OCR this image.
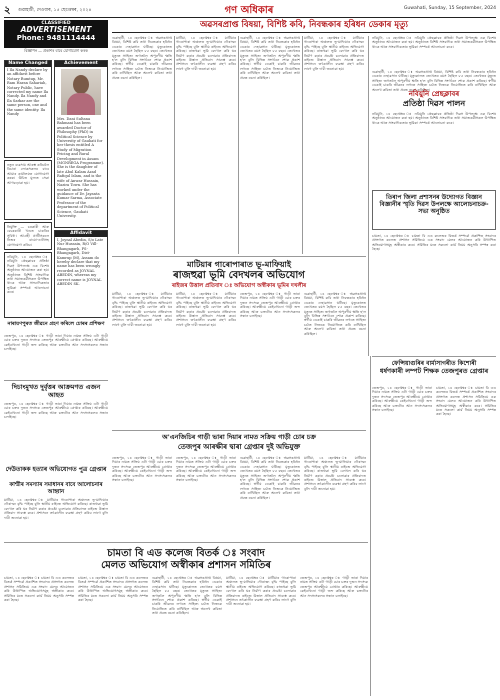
২ গুৱাহাটী, দেওবাৰ, ১৫ ছেপ্তেম্বৰ, ২০২৪	গণ অধিকাৰ	Guwahati, Sunday, 15 September, 2024
CLASSIFIED
ADVERTISEMENT
Phone: 9481114444
বিজ্ঞাপন — প্ৰকাশৰ বাবে যোগাযোগ কৰক
Name Changed
I Ila Nandy declare by an affidavit before Notary Rumtup, Mr. Ram Haran Sahariah, Notary Public, have corrected my name Ila Nandy. Ila Nandy and Ila Sarkar are the same person, one and the same identity. Ila Nandy
Achievement
Mrs. Dani Sultana Bahmani has been awarded Doctor of Philosophy (PhD) in Political Science by University of Gauhati for her thesis entitled A Study of Migration Pricing and Rural Development in Assam (MGNREGA Programme). She is the daughter of late Abul Kalam Azad Rafiqul Islam, and is the wife of Anwar Hussain, Nazira Town. She has worked under the guidance of Dr. Jayanta Kumar Sarma, Associate Professor of the department of Political Science, Gauhati University.
নতুন ব্যৱসায় আৰম্ভ কৰিবলৈ বিচাৰা লোকসকলৰ বাবে আমাৰ কাৰ্যালয়ত যোগাযোগ কৰক। উচিত মূল্যত সেৱা আগবঢ়োৱা হয়।
নিযুক্তি — চৰকাৰী আৰু বেচৰকাৰী খণ্ডত চাকৰিৰ সুবিধা। আগ্ৰহী প্ৰাৰ্থীসকলে নিজৰ বায়ো-ডাটাসহ যোগাযোগ কৰিব।
Affidavit
I, Joynal Abedin, S/o Late Nur Hussain, R/O Vill- Bhangagarh, PS- Bhangagarh, Dist- Kamrup (M), Assam do hereby declare that my name has been wrongly recorded as JOYNAL ABEDIN, whereas my correct name is JOYNAL ABEDIN SK.
নবিয়ুনি, ১৪ ছেপ্তেম্বৰ ঃ নবিয়ুনি প্ৰেছক্লাবৰ প্ৰতিষ্ঠা দিৱস উপলক্ষে এক বিশেষ অনুষ্ঠানৰ আয়োজন কৰা হয়। অনুষ্ঠানত বিশিষ্ট সাংবাদিক তথা সমাজকৰ্মীসকল উপস্থিত থাকে আৰু সাংবাদিকতাৰ ভূমিকা সম্পৰ্কে আলোচনা কৰে।
নাৰায়ণপুৰত জীৱনে গ্ৰহণ কৰিলে চোৰৰ প্ৰশিক্ষণ
তেজপুৰ, ১৪ ছেপ্তেম্বৰ ঃ গাড়ী ভাৰা দিয়াৰ নামত সক্ৰিয় এটা গাড়ী চোৰ চক্ৰৰ দুজন সদস্যক তেজপুৰ আৰক্ষীয়ে গ্ৰেপ্তাৰ কৰিছে। আৰক্ষীয়ে কেইবাখনো গাড়ী জব্দ কৰিছে আৰু চক্ৰটোৰ আন সদস্যসকলৰ সন্ধান চলাইছে।
অৱসৰপ্ৰাপ্ত বিষয়া, বিশিষ্ট কবি, নিবন্ধকাৰ হৰিধন ডেকাৰ মৃত্যু
গুৱাহাটী, ১৪ ছেপ্তেম্বৰ ঃ অৱসৰপ্ৰাপ্ত বিষয়া, বিশিষ্ট কবি তথা নিবন্ধকাৰ হৰিধন ডেকাৰ দেহাৱসান ঘটিছে। মৃত্যুকালত তেখেতৰ বয়স হৈছিল ৮৫ বছৰ। তেখেতৰ মৃত্যুত সাহিত্য জগতলৈ অপূৰণীয় ক্ষতি হ'ল বুলি বিভিন্ন সংগঠনে শোক প্ৰকাশ কৰিছে। স্বৰ্গীয় ডেকাই চাকৰি জীৱনৰ লগতে সাহিত্য চৰ্চাত নিজকে নিয়োজিত কৰি ৰাখিছিল আৰু অলেখ কবিতা তথা প্ৰবন্ধ ৰচনা কৰিছিল।
মাটিয়া, ১৪ ছেপ্তেম্বৰ ঃ মাটিয়াৰ গাৰোপাৰা অঞ্চলত ভূ-মাফিয়াৰ দৌৰাত্ম্য বৃদ্ধি পাইছে বুলি স্থানীয় ৰাইজে অভিযোগ কৰিছে। ৰাজহুৱা ভূমি বেদখল কৰি ঘৰ নিৰ্মাণ কৰাৰ প্ৰচেষ্টা চলোৱাৰ প্ৰতিবাদত ৰাইজে উত্তাল প্ৰতিবাদ সাব্যস্ত কৰে। প্ৰশাসনে তৎকালীন ব্যৱস্থা গ্ৰহণ কৰিব লাগে বুলি দাবী জনোৱা হয়।
গুৱাহাটী, ১৪ ছেপ্তেম্বৰ ঃ অৱসৰপ্ৰাপ্ত বিষয়া, বিশিষ্ট কবি তথা নিবন্ধকাৰ হৰিধন ডেকাৰ দেহাৱসান ঘটিছে। মৃত্যুকালত তেখেতৰ বয়স হৈছিল ৮৫ বছৰ। তেখেতৰ মৃত্যুত সাহিত্য জগতলৈ অপূৰণীয় ক্ষতি হ'ল বুলি বিভিন্ন সংগঠনে শোক প্ৰকাশ কৰিছে। স্বৰ্গীয় ডেকাই চাকৰি জীৱনৰ লগতে সাহিত্য চৰ্চাত নিজকে নিয়োজিত কৰি ৰাখিছিল আৰু অলেখ কবিতা তথা প্ৰবন্ধ ৰচনা কৰিছিল।
মাটিয়া, ১৪ ছেপ্তেম্বৰ ঃ মাটিয়াৰ গাৰোপাৰা অঞ্চলত ভূ-মাফিয়াৰ দৌৰাত্ম্য বৃদ্ধি পাইছে বুলি স্থানীয় ৰাইজে অভিযোগ কৰিছে। ৰাজহুৱা ভূমি বেদখল কৰি ঘৰ নিৰ্মাণ কৰাৰ প্ৰচেষ্টা চলোৱাৰ প্ৰতিবাদত ৰাইজে উত্তাল প্ৰতিবাদ সাব্যস্ত কৰে। প্ৰশাসনে তৎকালীন ব্যৱস্থা গ্ৰহণ কৰিব লাগে বুলি দাবী জনোৱা হয়।
নবিয়ুনি, ১৪ ছেপ্তেম্বৰ ঃ নবিয়ুনি প্ৰেছক্লাবৰ প্ৰতিষ্ঠা দিৱস উপলক্ষে এক বিশেষ অনুষ্ঠানৰ আয়োজন কৰা হয়। অনুষ্ঠানত বিশিষ্ট সাংবাদিক তথা সমাজকৰ্মীসকল উপস্থিত থাকে আৰু সাংবাদিকতাৰ ভূমিকা সম্পৰ্কে আলোচনা কৰে।
গুৱাহাটী, ১৪ ছেপ্তেম্বৰ ঃ অৱসৰপ্ৰাপ্ত বিষয়া, বিশিষ্ট কবি তথা নিবন্ধকাৰ হৰিধন ডেকাৰ দেহাৱসান ঘটিছে। মৃত্যুকালত তেখেতৰ বয়স হৈছিল ৮৫ বছৰ। তেখেতৰ মৃত্যুত সাহিত্য জগতলৈ অপূৰণীয় ক্ষতি হ'ল বুলি বিভিন্ন সংগঠনে শোক প্ৰকাশ কৰিছে। স্বৰ্গীয় ডেকাই চাকৰি জীৱনৰ লগতে সাহিত্য চৰ্চাত নিজকে নিয়োজিত কৰি ৰাখিছিল আৰু অলেখ কবিতা তথা প্ৰবন্ধ ৰচনা কৰিছিল।
নবিয়ুনি প্ৰেছক্লাবৰ
প্ৰতিষ্ঠা দিৱস পালন
নবিয়ুনি, ১৪ ছেপ্তেম্বৰ ঃ নবিয়ুনি প্ৰেছক্লাবৰ প্ৰতিষ্ঠা দিৱস উপলক্ষে এক বিশেষ অনুষ্ঠানৰ আয়োজন কৰা হয়। অনুষ্ঠানত বিশিষ্ট সাংবাদিক তথা সমাজকৰ্মীসকল উপস্থিত থাকে আৰু সাংবাদিকতাৰ ভূমিকা সম্পৰ্কে আলোচনা কৰে।
তিৰাপ জিলা প্ৰশাসনৰ উদ্যোগত বিজ্ঞান বিজ্ঞানীৰ স্মৃতি দিৱস উপলক্ষে আলোচনাচক্ৰ-সভা অনুষ্ঠিত
চামতা, ১৪ ছেপ্তেম্বৰ ঃ চামতা বি এড কলেজৰ বিতৰ্ক সম্পৰ্কে প্ৰকাশিত সংবাদৰ প্ৰসংগত কলেজ প্ৰশাসন সমিতিয়ে এক সংবাদ মেলৰ আয়োজন কৰি উত্থাপিত অভিযোগসমূহ অস্বীকাৰ কৰে। সমিতিৰ মতে সকলো কাৰ্য নিয়ম অনুসৰি সম্পন্ন কৰা হৈছে।
মাটিয়াৰ গাৰোপাৰাত ভূ-মাফিয়াই
ৰাজহুৱা ভূমি বেদখলৰ অভিযোগ
ৰাইজৰ উত্তাল প্ৰতিবাদ ঃ অভিযোগ অস্বীকাৰ ভূমিৰ দখলীৰ
মাটিয়া, ১৪ ছেপ্তেম্বৰ ঃ মাটিয়াৰ গাৰোপাৰা অঞ্চলত ভূ-মাফিয়াৰ দৌৰাত্ম্য বৃদ্ধি পাইছে বুলি স্থানীয় ৰাইজে অভিযোগ কৰিছে। ৰাজহুৱা ভূমি বেদখল কৰি ঘৰ নিৰ্মাণ কৰাৰ প্ৰচেষ্টা চলোৱাৰ প্ৰতিবাদত ৰাইজে উত্তাল প্ৰতিবাদ সাব্যস্ত কৰে। প্ৰশাসনে তৎকালীন ব্যৱস্থা গ্ৰহণ কৰিব লাগে বুলি দাবী জনোৱা হয়।
মাটিয়া, ১৪ ছেপ্তেম্বৰ ঃ মাটিয়াৰ গাৰোপাৰা অঞ্চলত ভূ-মাফিয়াৰ দৌৰাত্ম্য বৃদ্ধি পাইছে বুলি স্থানীয় ৰাইজে অভিযোগ কৰিছে। ৰাজহুৱা ভূমি বেদখল কৰি ঘৰ নিৰ্মাণ কৰাৰ প্ৰচেষ্টা চলোৱাৰ প্ৰতিবাদত ৰাইজে উত্তাল প্ৰতিবাদ সাব্যস্ত কৰে। প্ৰশাসনে তৎকালীন ব্যৱস্থা গ্ৰহণ কৰিব লাগে বুলি দাবী জনোৱা হয়।
তেজপুৰ, ১৪ ছেপ্তেম্বৰ ঃ গাড়ী ভাৰা দিয়াৰ নামত সক্ৰিয় এটা গাড়ী চোৰ চক্ৰৰ দুজন সদস্যক তেজপুৰ আৰক্ষীয়ে গ্ৰেপ্তাৰ কৰিছে। আৰক্ষীয়ে কেইবাখনো গাড়ী জব্দ কৰিছে আৰু চক্ৰটোৰ আন সদস্যসকলৰ সন্ধান চলাইছে।
গুৱাহাটী, ১৪ ছেপ্তেম্বৰ ঃ অৱসৰপ্ৰাপ্ত বিষয়া, বিশিষ্ট কবি তথা নিবন্ধকাৰ হৰিধন ডেকাৰ দেহাৱসান ঘটিছে। মৃত্যুকালত তেখেতৰ বয়স হৈছিল ৮৫ বছৰ। তেখেতৰ মৃত্যুত সাহিত্য জগতলৈ অপূৰণীয় ক্ষতি হ'ল বুলি বিভিন্ন সংগঠনে শোক প্ৰকাশ কৰিছে। স্বৰ্গীয় ডেকাই চাকৰি জীৱনৰ লগতে সাহিত্য চৰ্চাত নিজকে নিয়োজিত কৰি ৰাখিছিল আৰু অলেখ কবিতা তথা প্ৰবন্ধ ৰচনা কৰিছিল।
দিচাংমুখত দুৰ্বৃত্তৰ আক্ৰমণত এজন আহত
তেজপুৰ, ১৪ ছেপ্তেম্বৰ ঃ গাড়ী ভাৰা দিয়াৰ নামত সক্ৰিয় এটা গাড়ী চোৰ চক্ৰৰ দুজন সদস্যক তেজপুৰ আৰক্ষীয়ে গ্ৰেপ্তাৰ কৰিছে। আৰক্ষীয়ে কেইবাখনো গাড়ী জব্দ কৰিছে আৰু চক্ৰটোৰ আন সদস্যসকলৰ সন্ধান চলাইছে।
দেউতাকক হত্যাৰ অভিযোগত পুত্ৰ গ্ৰেপ্তাৰ
কাশ্মীৰ সমস্যাৰ সমাধানৰ বাবে আলোচনাৰ আহ্বান
মাটিয়া, ১৪ ছেপ্তেম্বৰ ঃ মাটিয়াৰ গাৰোপাৰা অঞ্চলত ভূ-মাফিয়াৰ দৌৰাত্ম্য বৃদ্ধি পাইছে বুলি স্থানীয় ৰাইজে অভিযোগ কৰিছে। ৰাজহুৱা ভূমি বেদখল কৰি ঘৰ নিৰ্মাণ কৰাৰ প্ৰচেষ্টা চলোৱাৰ প্ৰতিবাদত ৰাইজে উত্তাল প্ৰতিবাদ সাব্যস্ত কৰে। প্ৰশাসনে তৎকালীন ব্যৱস্থা গ্ৰহণ কৰিব লাগে বুলি দাবী জনোৱা হয়।
অ'এনজিচিৰ গাড়ী ভাৰা দিয়াৰ নামত সক্ৰিয় গাড়ী চোৰ চক্ৰ
তেজপুৰ আৰক্ষীৰ দ্বাৰা গ্ৰেপ্তাৰ দুই অভিযুক্ত
তেজপুৰ, ১৪ ছেপ্তেম্বৰ ঃ গাড়ী ভাৰা দিয়াৰ নামত সক্ৰিয় এটা গাড়ী চোৰ চক্ৰৰ দুজন সদস্যক তেজপুৰ আৰক্ষীয়ে গ্ৰেপ্তাৰ কৰিছে। আৰক্ষীয়ে কেইবাখনো গাড়ী জব্দ কৰিছে আৰু চক্ৰটোৰ আন সদস্যসকলৰ সন্ধান চলাইছে।
তেজপুৰ, ১৪ ছেপ্তেম্বৰ ঃ গাড়ী ভাৰা দিয়াৰ নামত সক্ৰিয় এটা গাড়ী চোৰ চক্ৰৰ দুজন সদস্যক তেজপুৰ আৰক্ষীয়ে গ্ৰেপ্তাৰ কৰিছে। আৰক্ষীয়ে কেইবাখনো গাড়ী জব্দ কৰিছে আৰু চক্ৰটোৰ আন সদস্যসকলৰ সন্ধান চলাইছে।
গুৱাহাটী, ১৪ ছেপ্তেম্বৰ ঃ অৱসৰপ্ৰাপ্ত বিষয়া, বিশিষ্ট কবি তথা নিবন্ধকাৰ হৰিধন ডেকাৰ দেহাৱসান ঘটিছে। মৃত্যুকালত তেখেতৰ বয়স হৈছিল ৮৫ বছৰ। তেখেতৰ মৃত্যুত সাহিত্য জগতলৈ অপূৰণীয় ক্ষতি হ'ল বুলি বিভিন্ন সংগঠনে শোক প্ৰকাশ কৰিছে। স্বৰ্গীয় ডেকাই চাকৰি জীৱনৰ লগতে সাহিত্য চৰ্চাত নিজকে নিয়োজিত কৰি ৰাখিছিল আৰু অলেখ কবিতা তথা প্ৰবন্ধ ৰচনা কৰিছিল।
মাটিয়া, ১৪ ছেপ্তেম্বৰ ঃ মাটিয়াৰ গাৰোপাৰা অঞ্চলত ভূ-মাফিয়াৰ দৌৰাত্ম্য বৃদ্ধি পাইছে বুলি স্থানীয় ৰাইজে অভিযোগ কৰিছে। ৰাজহুৱা ভূমি বেদখল কৰি ঘৰ নিৰ্মাণ কৰাৰ প্ৰচেষ্টা চলোৱাৰ প্ৰতিবাদত ৰাইজে উত্তাল প্ৰতিবাদ সাব্যস্ত কৰে। প্ৰশাসনে তৎকালীন ব্যৱস্থা গ্ৰহণ কৰিব লাগে বুলি দাবী জনোৱা হয়।
ফেন্সিয়াগুৰিৰ বাৰ্মাসাগৰীত কিশোৰী
ধৰ্ষণকাৰী লম্পট শিক্ষক তেজপুৰত গ্ৰেপ্তাৰ
তেজপুৰ, ১৪ ছেপ্তেম্বৰ ঃ গাড়ী ভাৰা দিয়াৰ নামত সক্ৰিয় এটা গাড়ী চোৰ চক্ৰৰ দুজন সদস্যক তেজপুৰ আৰক্ষীয়ে গ্ৰেপ্তাৰ কৰিছে। আৰক্ষীয়ে কেইবাখনো গাড়ী জব্দ কৰিছে আৰু চক্ৰটোৰ আন সদস্যসকলৰ সন্ধান চলাইছে।
চামতা, ১৪ ছেপ্তেম্বৰ ঃ চামতা বি এড কলেজৰ বিতৰ্ক সম্পৰ্কে প্ৰকাশিত সংবাদৰ প্ৰসংগত কলেজ প্ৰশাসন সমিতিয়ে এক সংবাদ মেলৰ আয়োজন কৰি উত্থাপিত অভিযোগসমূহ অস্বীকাৰ কৰে। সমিতিৰ মতে সকলো কাৰ্য নিয়ম অনুসৰি সম্পন্ন কৰা হৈছে।
চামতা বি এড কলেজ বিতৰ্ক ঃ সংবাদ
মেলত অভিযোগ অস্বীকাৰ প্ৰশাসন সমিতিৰ
চামতা, ১৪ ছেপ্তেম্বৰ ঃ চামতা বি এড কলেজৰ বিতৰ্ক সম্পৰ্কে প্ৰকাশিত সংবাদৰ প্ৰসংগত কলেজ প্ৰশাসন সমিতিয়ে এক সংবাদ মেলৰ আয়োজন কৰি উত্থাপিত অভিযোগসমূহ অস্বীকাৰ কৰে। সমিতিৰ মতে সকলো কাৰ্য নিয়ম অনুসৰি সম্পন্ন কৰা হৈছে।
চামতা, ১৪ ছেপ্তেম্বৰ ঃ চামতা বি এড কলেজৰ বিতৰ্ক সম্পৰ্কে প্ৰকাশিত সংবাদৰ প্ৰসংগত কলেজ প্ৰশাসন সমিতিয়ে এক সংবাদ মেলৰ আয়োজন কৰি উত্থাপিত অভিযোগসমূহ অস্বীকাৰ কৰে। সমিতিৰ মতে সকলো কাৰ্য নিয়ম অনুসৰি সম্পন্ন কৰা হৈছে।
গুৱাহাটী, ১৪ ছেপ্তেম্বৰ ঃ অৱসৰপ্ৰাপ্ত বিষয়া, বিশিষ্ট কবি তথা নিবন্ধকাৰ হৰিধন ডেকাৰ দেহাৱসান ঘটিছে। মৃত্যুকালত তেখেতৰ বয়স হৈছিল ৮৫ বছৰ। তেখেতৰ মৃত্যুত সাহিত্য জগতলৈ অপূৰণীয় ক্ষতি হ'ল বুলি বিভিন্ন সংগঠনে শোক প্ৰকাশ কৰিছে। স্বৰ্গীয় ডেকাই চাকৰি জীৱনৰ লগতে সাহিত্য চৰ্চাত নিজকে নিয়োজিত কৰি ৰাখিছিল আৰু অলেখ কবিতা তথা প্ৰবন্ধ ৰচনা কৰিছিল।
মাটিয়া, ১৪ ছেপ্তেম্বৰ ঃ মাটিয়াৰ গাৰোপাৰা অঞ্চলত ভূ-মাফিয়াৰ দৌৰাত্ম্য বৃদ্ধি পাইছে বুলি স্থানীয় ৰাইজে অভিযোগ কৰিছে। ৰাজহুৱা ভূমি বেদখল কৰি ঘৰ নিৰ্মাণ কৰাৰ প্ৰচেষ্টা চলোৱাৰ প্ৰতিবাদত ৰাইজে উত্তাল প্ৰতিবাদ সাব্যস্ত কৰে। প্ৰশাসনে তৎকালীন ব্যৱস্থা গ্ৰহণ কৰিব লাগে বুলি দাবী জনোৱা হয়।
তেজপুৰ, ১৪ ছেপ্তেম্বৰ ঃ গাড়ী ভাৰা দিয়াৰ নামত সক্ৰিয় এটা গাড়ী চোৰ চক্ৰৰ দুজন সদস্যক তেজপুৰ আৰক্ষীয়ে গ্ৰেপ্তাৰ কৰিছে। আৰক্ষীয়ে কেইবাখনো গাড়ী জব্দ কৰিছে আৰু চক্ৰটোৰ আন সদস্যসকলৰ সন্ধান চলাইছে।
